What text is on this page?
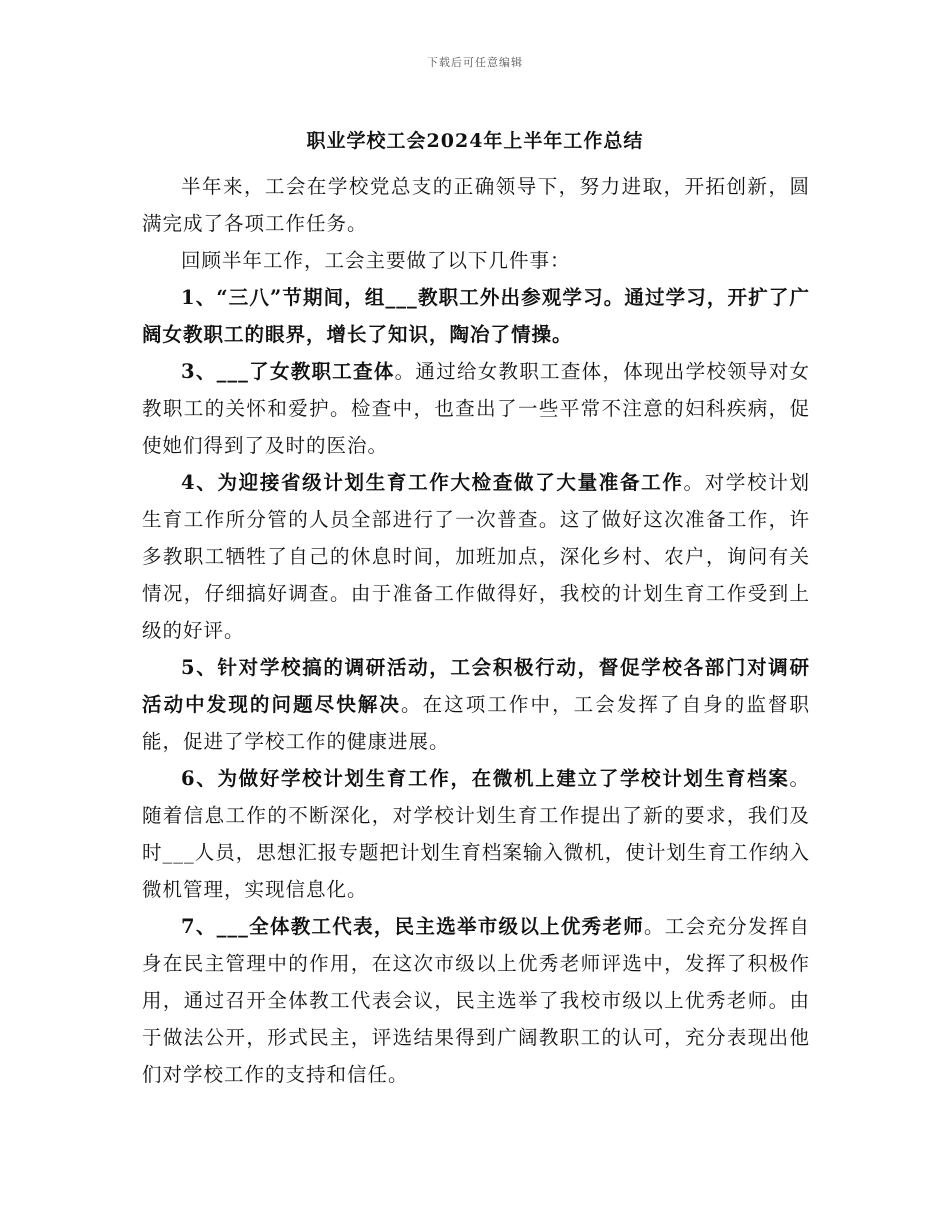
下载后可任意编辑
职业学校工会2024年上半年工作总结

半年来，工会在学校党总支的正确领导下，努力进取，开拓创新，圆满完成了各项工作任务。

回顾半年工作，工会主要做了以下几件事：

1、“三八”节期间，组___教职工外出参观学习。通过学习，开扩了广阔女教职工的眼界，增长了知识，陶冶了情操。

3、___了女教职工查体。通过给女教职工查体，体现出学校领导对女教职工的关怀和爱护。检查中，也查出了一些平常不注意的妇科疾病，促使她们得到了及时的医治。

4、为迎接省级计划生育工作大检查做了大量准备工作。对学校计划生育工作所分管的人员全部进行了一次普查。这了做好这次准备工作，许多教职工牺牲了自己的休息时间，加班加点，深化乡村、农户，询问有关情况，仔细搞好调查。由于准备工作做得好，我校的计划生育工作受到上级的好评。

5、针对学校搞的调研活动，工会积极行动，督促学校各部门对调研活动中发现的问题尽快解决。在这项工作中，工会发挥了自身的监督职能，促进了学校工作的健康进展。

6、为做好学校计划生育工作，在微机上建立了学校计划生育档案。随着信息工作的不断深化，对学校计划生育工作提出了新的要求，我们及时___人员，思想汇报专题把计划生育档案输入微机，使计划生育工作纳入微机管理，实现信息化。

7、___全体教工代表，民主选举市级以上优秀老师。工会充分发挥自身在民主管理中的作用，在这次市级以上优秀老师评选中，发挥了积极作用，通过召开全体教工代表会议，民主选举了我校市级以上优秀老师。由于做法公开，形式民主，评选结果得到广阔教职工的认可，充分表现出他们对学校工作的支持和信任。
